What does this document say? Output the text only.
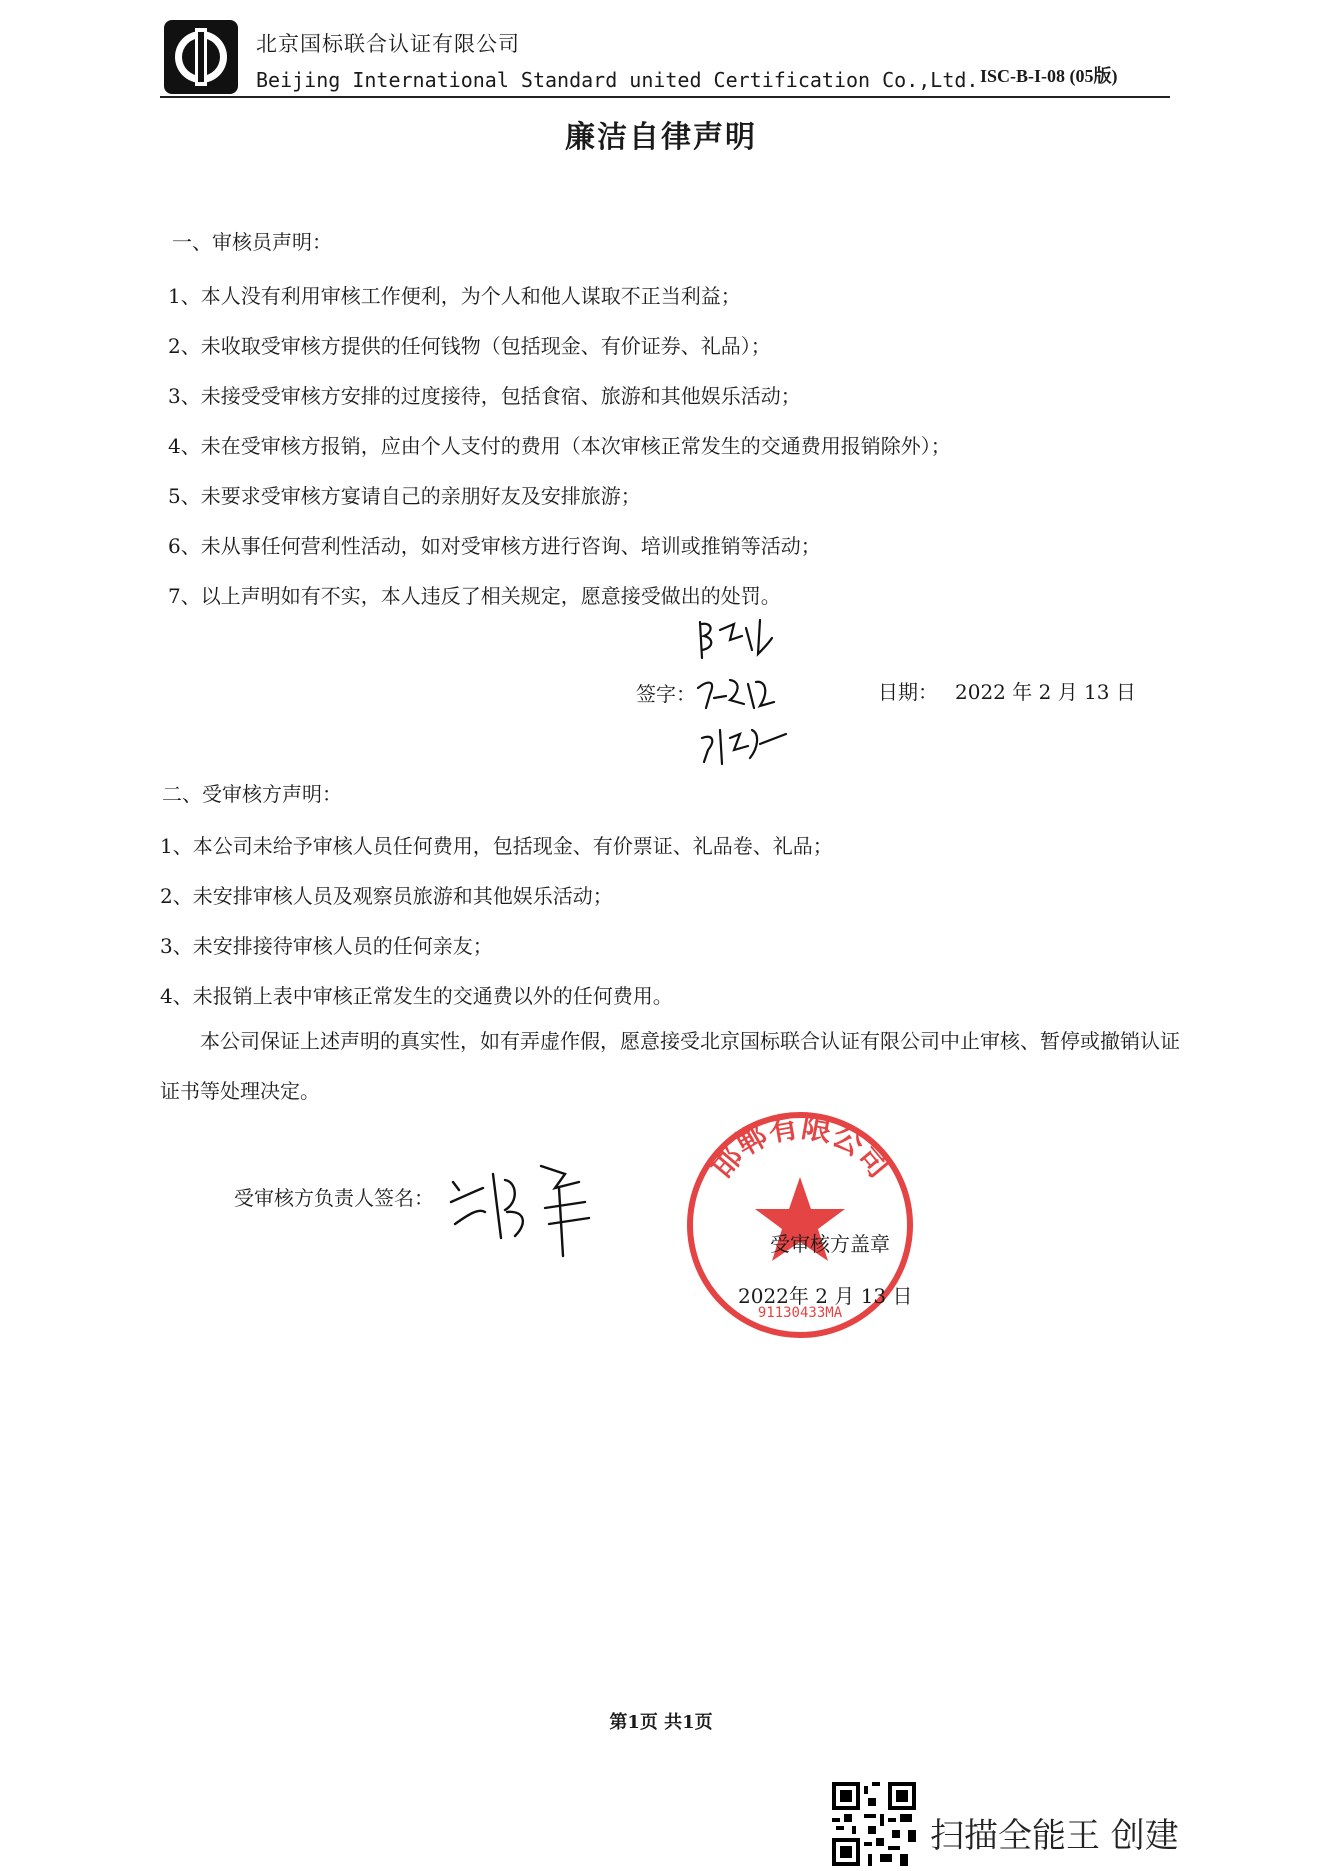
北京国标联合认证有限公司
Beijing International Standard united Certification Co.,Ltd. ISC-B-I-08 (05版)
廉洁自律声明
一、审核员声明：
1、本人没有利用审核工作便利，为个人和他人谋取不正当利益；
2、未收取受审核方提供的任何钱物（包括现金、有价证券、礼品）；
3、未接受受审核方安排的过度接待，包括食宿、旅游和其他娱乐活动；
4、未在受审核方报销，应由个人支付的费用（本次审核正常发生的交通费用报销除外）；
5、未要求受审核方宴请自己的亲朋好友及安排旅游；
6、未从事任何营利性活动，如对受审核方进行咨询、培训或推销等活动；
7、以上声明如有不实，本人违反了相关规定，愿意接受做出的处罚。
签字：	日期： 2022 年 2 月 13 日
二、受审核方声明：
1、本公司未给予审核人员任何费用，包括现金、有价票证、礼品卷、礼品；
2、未安排审核人员及观察员旅游和其他娱乐活动；
3、未安排接待审核人员的任何亲友；
4、未报销上表中审核正常发生的交通费以外的任何费用。
本公司保证上述声明的真实性，如有弄虚作假，愿意接受北京国标联合认证有限公司中止审核、暂停或撤销认证证书等处理决定。
受审核方负责人签名：
邯郸有限公司
91130433MA
受审核方盖章
2022年 2 月 13 日
第1页 共1页
扫描全能王 创建
